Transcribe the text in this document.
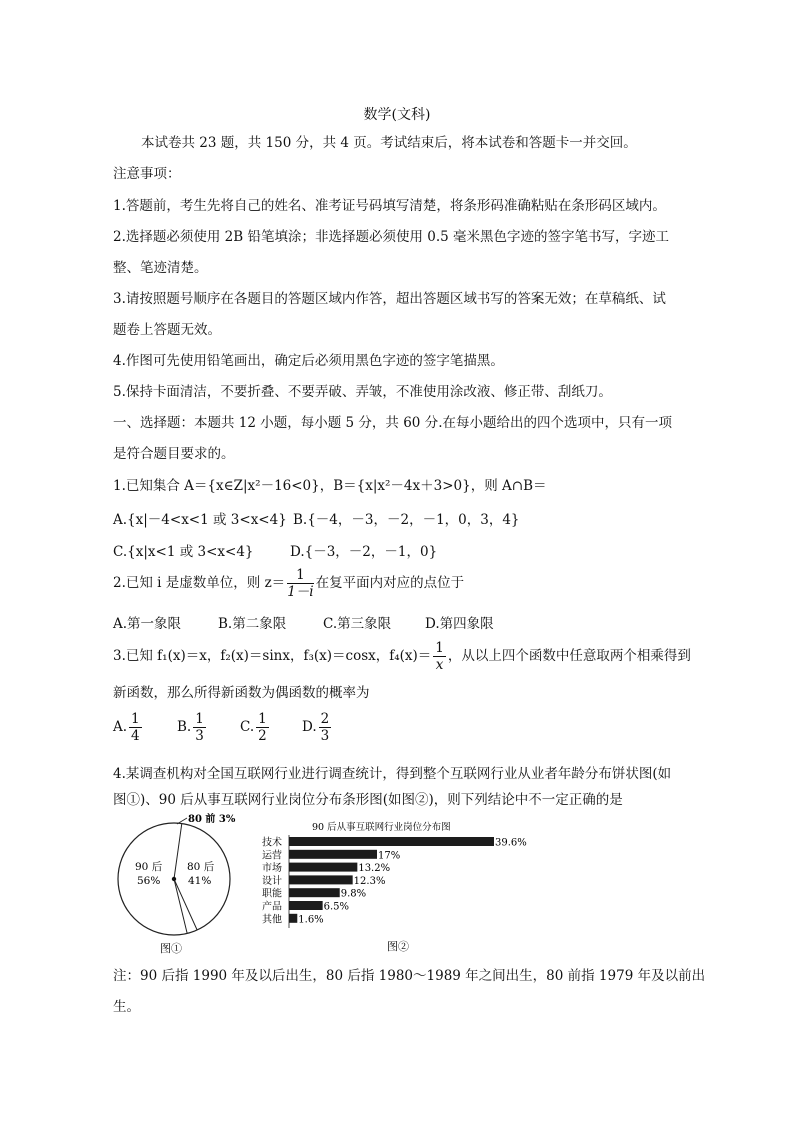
数学(文科)
本试卷共 23 题，共 150 分，共 4 页。考试结束后，将本试卷和答题卡一并交回。
注意事项：
1.答题前，考生先将自己的姓名、准考证号码填写清楚，将条形码准确粘贴在条形码区域内。
2.选择题必须使用 2B 铅笔填涂；非选择题必须使用 0.5 毫米黑色字迹的签字笔书写，字迹工
整、笔迹清楚。
3.请按照题号顺序在各题目的答题区域内作答，超出答题区域书写的答案无效；在草稿纸、试
题卷上答题无效。
4.作图可先使用铅笔画出，确定后必须用黑色字迹的签字笔描黑。
5.保持卡面清洁，不要折叠、不要弄破、弄皱，不准使用涂改液、修正带、刮纸刀。
一、选择题：本题共 12 小题，每小题 5 分，共 60 分.在每小题给出的四个选项中，只有一项
是符合题目要求的。
1.已知集合 A＝{x∈Z|x²－16<0}，B＝{x|x²－4x＋3>0}，则 A∩B＝
A.{x|－4<x<1 或 3<x<4} B.{－4，－3，－2，－1，0，3，4}
C.{x|x<1 或 3<x<4}	D.{－3，－2，－1，0}
2.已知 i 是虚数单位，则 $z= \frac{1}{1-i}$ 在复平面内对应的点位于
A.第一象限	B.第二象限	C.第三象限	D.第四象限
3.已知 f₁(x)＝x，f₂(x)＝sinx，f₃(x)＝cosx，$f_4(x)= \frac{1}{x}$ ，从以上四个函数中任意取两个相乘得到
新函数，那么所得新函数为偶函数的概率为
A. $\frac{1}{4}$	B. $\frac{1}{3}$	C. $\frac{1}{2} D$. $\frac{2}{3}$
4.某调查机构对全国互联网行业进行调查统计，得到整个互联网行业从业者年龄分布饼状图(如
图①)、90 后从事互联网行业岗位分布条形图(如图②)，则下列结论中不一定正确的是
80 前 3%
90 后
56%
80 后
41%
图①
90 后从事互联网行业岗位分布图
技术	39.6%
运营	17%
市场	13.2%
设计	12.3%
职能	9.8%
产品	6.5%
其他 1.6%
图②
注：90 后指 1990 年及以后出生，80 后指 1980～1989 年之间出生，80 前指 1979 年及以前出
生。
